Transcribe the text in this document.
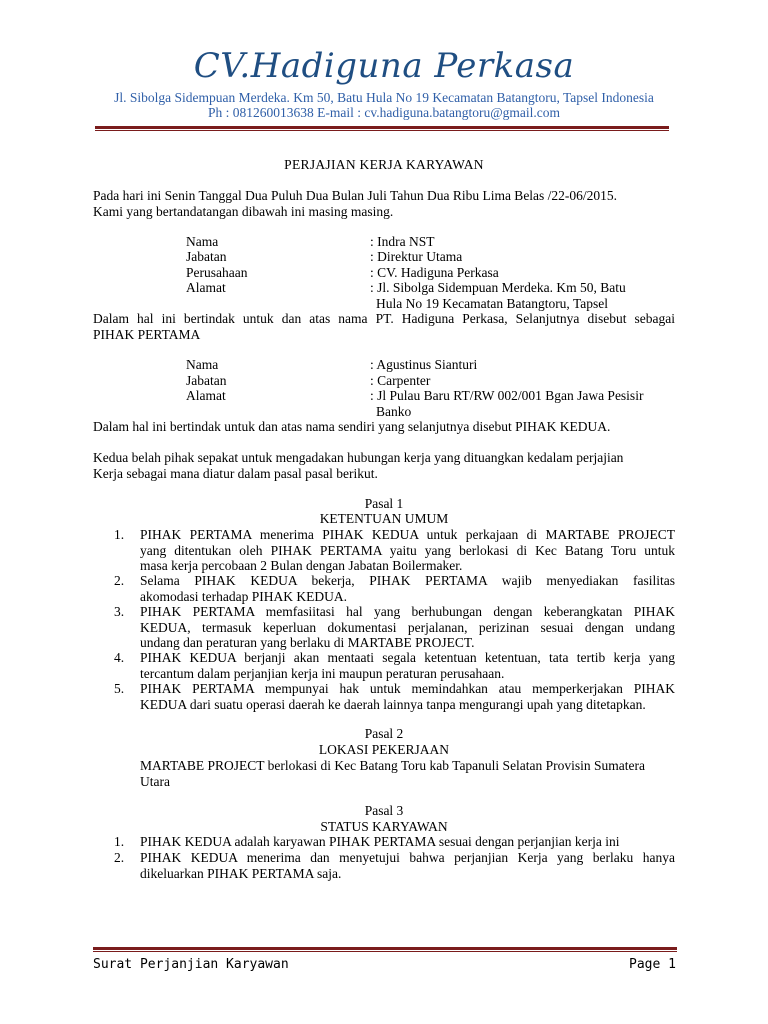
CV.Hadiguna Perkasa
Jl. Sibolga Sidempuan Merdeka. Km 50, Batu Hula No 19 Kecamatan Batangtoru, Tapsel Indonesia
Ph : 081260013638 E-mail : cv.hadiguna.batangtoru@gmail.com
PERJAJIAN KERJA KARYAWAN
Pada hari ini Senin Tanggal Dua Puluh Dua Bulan Juli Tahun Dua Ribu Lima Belas /22-06/2015.
Kami yang bertandatangan dibawah ini masing masing.
Nama	: Indra NST
Jabatan	: Direktur Utama
Perusahaan	: CV. Hadiguna Perkasa
Alamat	: Jl. Sibolga Sidempuan Merdeka. Km 50, Batu
Hula No 19 Kecamatan Batangtoru, Tapsel
Dalam hal ini bertindak untuk dan atas nama PT. Hadiguna Perkasa, Selanjutnya disebut sebagai
PIHAK PERTAMA
Nama	: Agustinus Sianturi
Jabatan	: Carpenter
Alamat	: Jl Pulau Baru RT/RW 002/001 Bgan Jawa Pesisir
Banko
Dalam hal ini bertindak untuk dan atas nama sendiri yang selanjutnya disebut PIHAK KEDUA.
Kedua belah pihak sepakat untuk mengadakan hubungan kerja yang dituangkan kedalam perjajian
Kerja sebagai mana diatur dalam pasal pasal berikut.
Pasal 1
KETENTUAN UMUM
1.	PIHAK PERTAMA menerima PIHAK KEDUA untuk perkajaan di MARTABE PROJECT
yang ditentukan oleh PIHAK PERTAMA yaitu yang berlokasi di Kec Batang Toru untuk
masa kerja percobaan 2 Bulan dengan Jabatan Boilermaker.
2.	Selama PIHAK KEDUA bekerja, PIHAK PERTAMA wajib menyediakan fasilitas
akomodasi terhadap PIHAK KEDUA.
3.	PIHAK PERTAMA memfasiitasi hal yang berhubungan dengan keberangkatan PIHAK
KEDUA, termasuk keperluan dokumentasi perjalanan, perizinan sesuai dengan undang
undang dan peraturan yang berlaku di MARTABE PROJECT.
4.	PIHAK KEDUA berjanji akan mentaati segala ketentuan ketentuan, tata tertib kerja yang
tercantum dalam perjanjian kerja ini maupun peraturan perusahaan.
5.	PIHAK PERTAMA mempunyai hak untuk memindahkan atau memperkerjakan PIHAK
KEDUA dari suatu operasi daerah ke daerah lainnya tanpa mengurangi upah yang ditetapkan.
Pasal 2
LOKASI PEKERJAAN
MARTABE PROJECT berlokasi di Kec Batang Toru kab Tapanuli Selatan Provisin Sumatera
Utara
Pasal 3
STATUS KARYAWAN
1.	PIHAK KEDUA adalah karyawan PIHAK PERTAMA sesuai dengan perjanjian kerja ini
2.	PIHAK KEDUA menerima dan menyetujui bahwa perjanjian Kerja yang berlaku hanya
dikeluarkan PIHAK PERTAMA saja.
Surat Perjanjian Karyawan	Page 1
